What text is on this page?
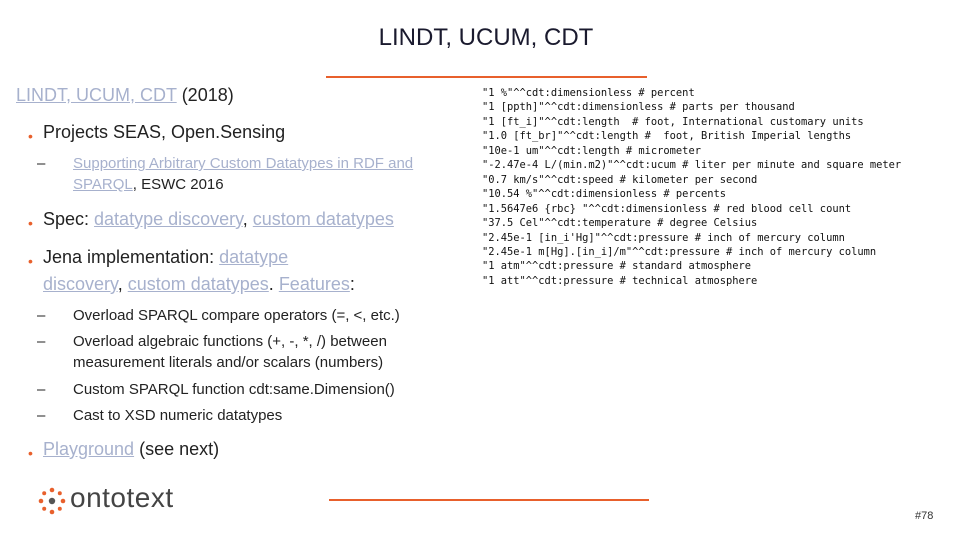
LINDT, UCUM, CDT
LINDT, UCUM, CDT (2018)
• Projects SEAS, Open.Sensing
– Supporting Arbitrary Custom Datatypes in RDF and
SPARQL, ESWC 2016
• Spec: datatype discovery, custom datatypes
• Jena implementation: datatype
discovery, custom datatypes. Features:
– Overload SPARQL compare operators (=, <, etc.)
– Overload algebraic functions (+, -, *, /) between
measurement literals and/or scalars (numbers)
– Custom SPARQL function cdt:same.Dimension()
– Cast to XSD numeric datatypes
• Playground (see next)
"1 %"^^cdt:dimensionless # percent
"1 [ppth]"^^cdt:dimensionless # parts per thousand
"1 [ft_i]"^^cdt:length  # foot, International customary units
"1.0 [ft_br]"^^cdt:length #  foot, British Imperial lengths
"10e-1 um"^^cdt:length # micrometer
"-2.47e-4 L/(min.m2)"^^cdt:ucum # liter per minute and square meter
"0.7 km/s"^^cdt:speed # kilometer per second
"10.54 %"^^cdt:dimensionless # percents
"1.5647e6 {rbc} "^^cdt:dimensionless # red blood cell count
"37.5 Cel"^^cdt:temperature # degree Celsius
"2.45e-1 [in_i'Hg]"^^cdt:pressure # inch of mercury column
"2.45e-1 m[Hg].[in_i]/m"^^cdt:pressure # inch of mercury column
"1 atm"^^cdt:pressure # standard atmosphere
"1 att"^^cdt:pressure # technical atmosphere
ontotext
#78
